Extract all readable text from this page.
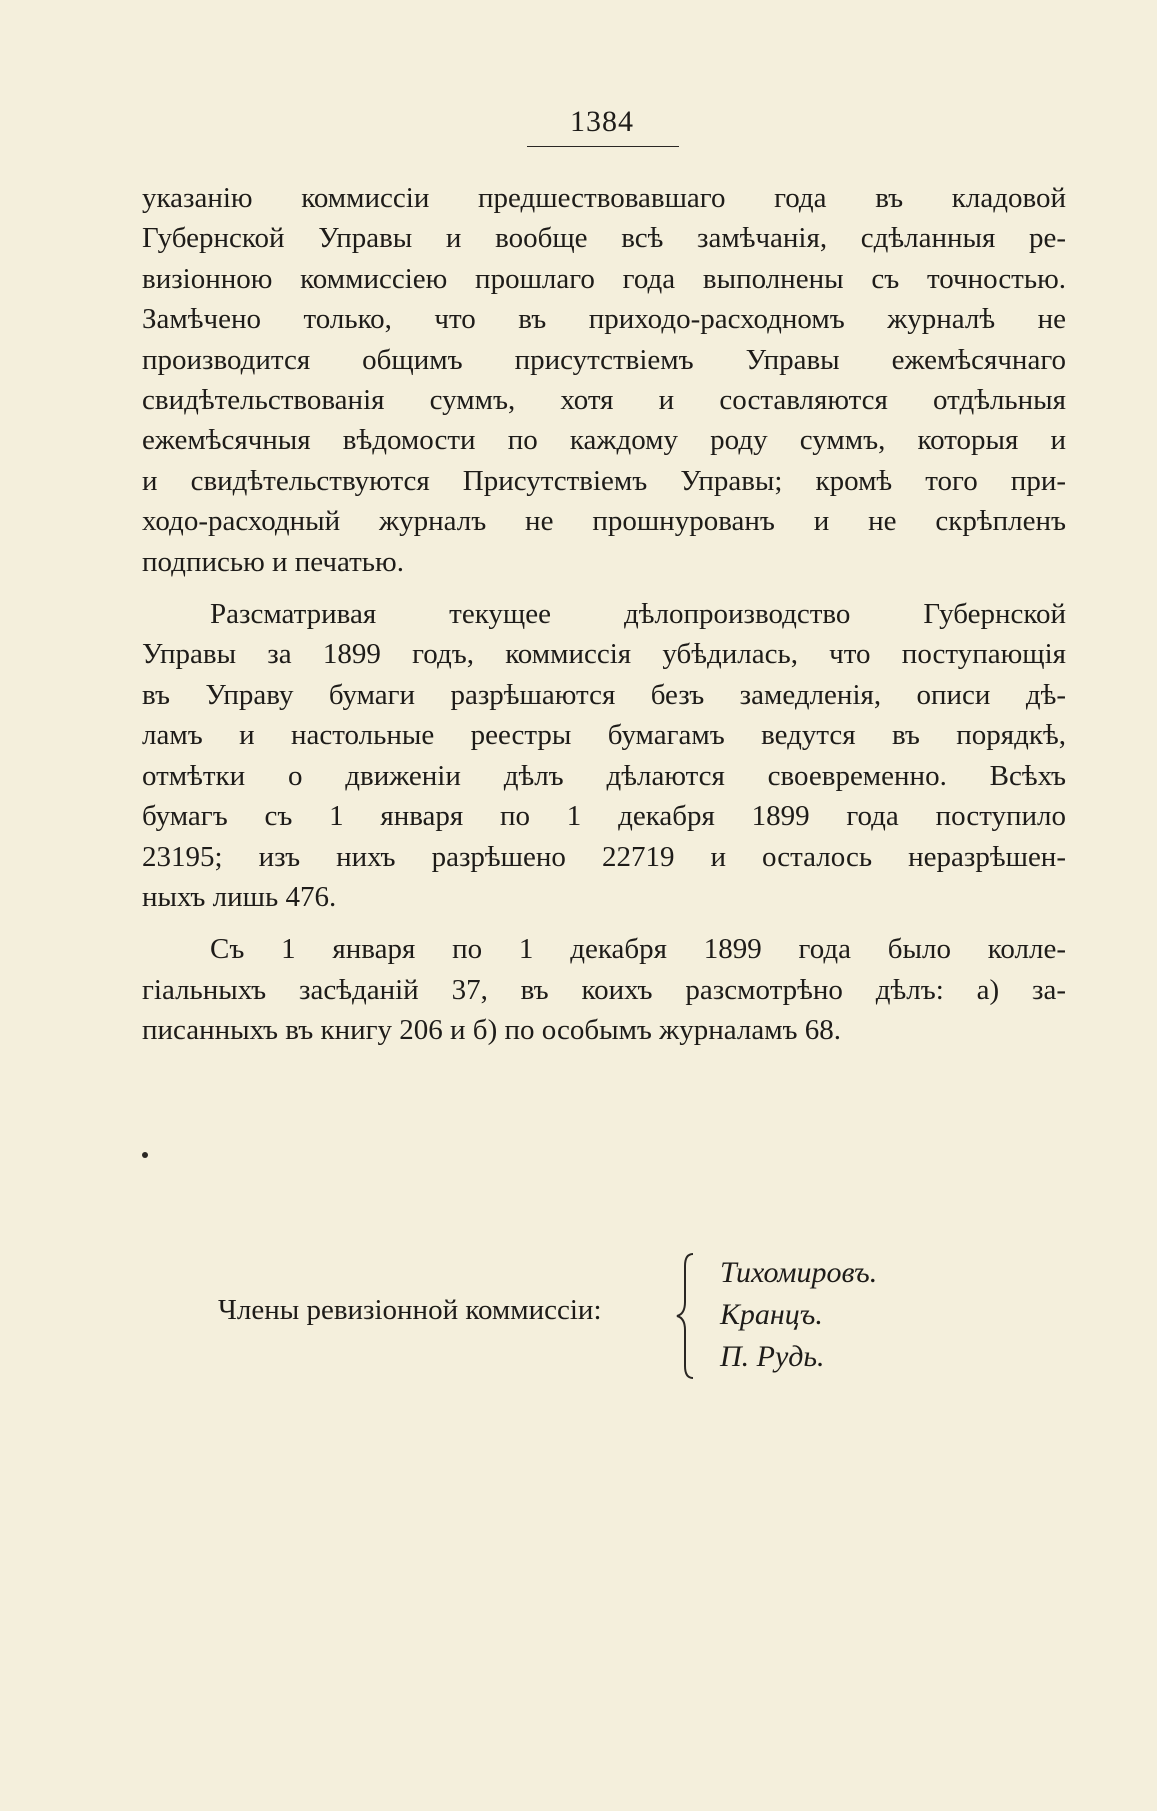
1384
указанію коммиссіи предшествовавшаго года въ кладовой
Губернской Управы и вообще всѣ замѣчанія, сдѣланныя ре-
визіонною коммиссіею прошлаго года выполнены съ точностью.
Замѣчено только, что въ приходо-расходномъ журналѣ не
производится общимъ присутствіемъ Управы ежемѣсячнаго
свидѣтельствованія суммъ, хотя и составляются отдѣльныя
ежемѣсячныя вѣдомости по каждому роду суммъ, которыя и
и свидѣтельствуются Присутствіемъ Управы; кромѣ того при-
ходо-расходный журналъ не прошнурованъ и не скрѣпленъ
подписью и печатью.
Разсматривая текущее дѣлопроизводство Губернской
Управы за 1899 годъ, коммиссія убѣдилась, что поступающія
въ Управу бумаги разрѣшаются безъ замедленія, описи дѣ-
ламъ и настольные реестры бумагамъ ведутся въ порядкѣ,
отмѣтки о движеніи дѣлъ дѣлаются своевременно. Всѣхъ
бумагъ съ 1 января по 1 декабря 1899 года поступило
23195; изъ нихъ разрѣшено 22719 и осталось неразрѣшен-
ныхъ лишь 476.
Съ 1 января по 1 декабря 1899 года было колле-
гіальныхъ засѣданій 37, въ коихъ разсмотрѣно дѣлъ: а) за-
писанныхъ въ книгу 206 и б) по особымъ журналамъ 68.
Члены ревизіонной коммиссіи:
Тихомировъ.
Кранцъ.
П. Рудь.
